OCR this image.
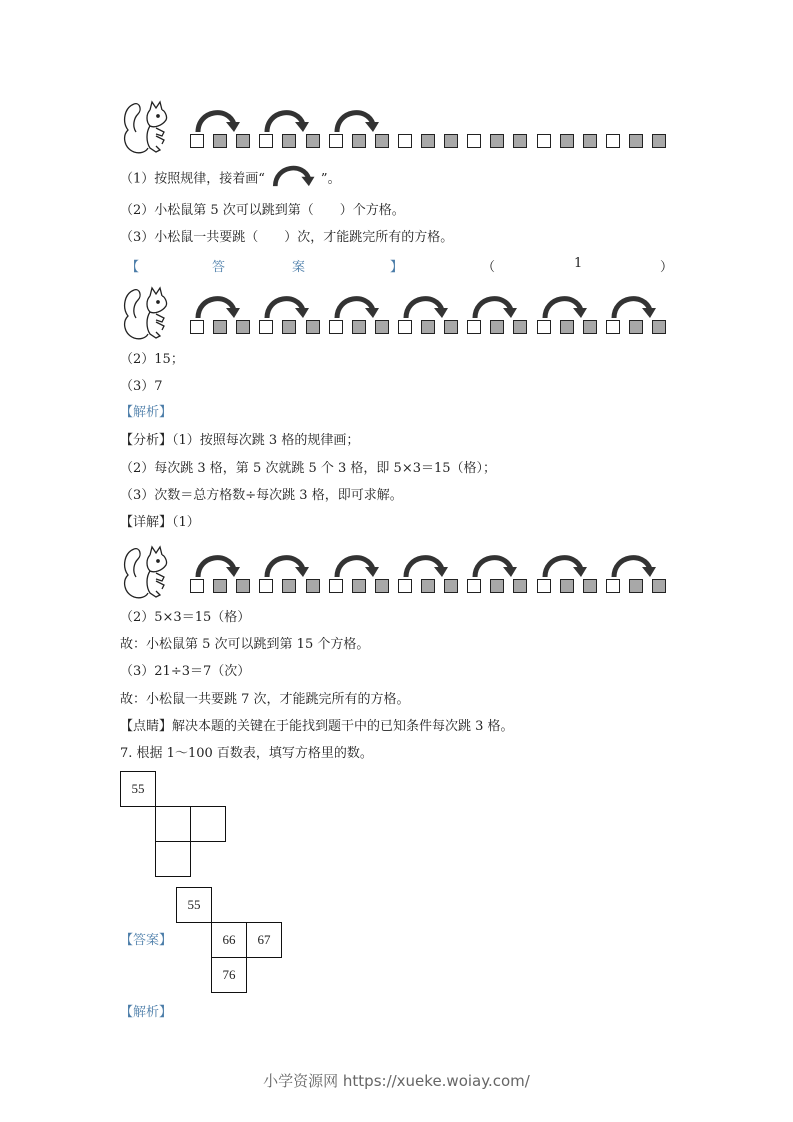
（1）按照规律，接着画“	”。
（2）小松鼠第 5 次可以跳到第（　　）个方格。
（3）小松鼠一共要跳（　　）次，才能跳完所有的方格。
【	答	案	】	（	1	）
（2）15；
（3）7
【解析】
【分析】（1）按照每次跳 3 格的规律画；
（2）每次跳 3 格，第 5 次就跳 5 个 3 格，即 5×3＝15（格）；
（3）次数＝总方格数÷每次跳 3 格，即可求解。
【详解】（1）
（2）5×3＝15（格）
故：小松鼠第 5 次可以跳到第 15 个方格。
（3）21÷3＝7（次）
故：小松鼠一共要跳 7 次，才能跳完所有的方格。
【点睛】解决本题的关键在于能找到题干中的已知条件每次跳 3 格。
7. 根据 1～100 百数表，填写方格里的数。
55
55
【答案】	66	67
76
【解析】
小学资源网 https://xueke.woiay.com/
